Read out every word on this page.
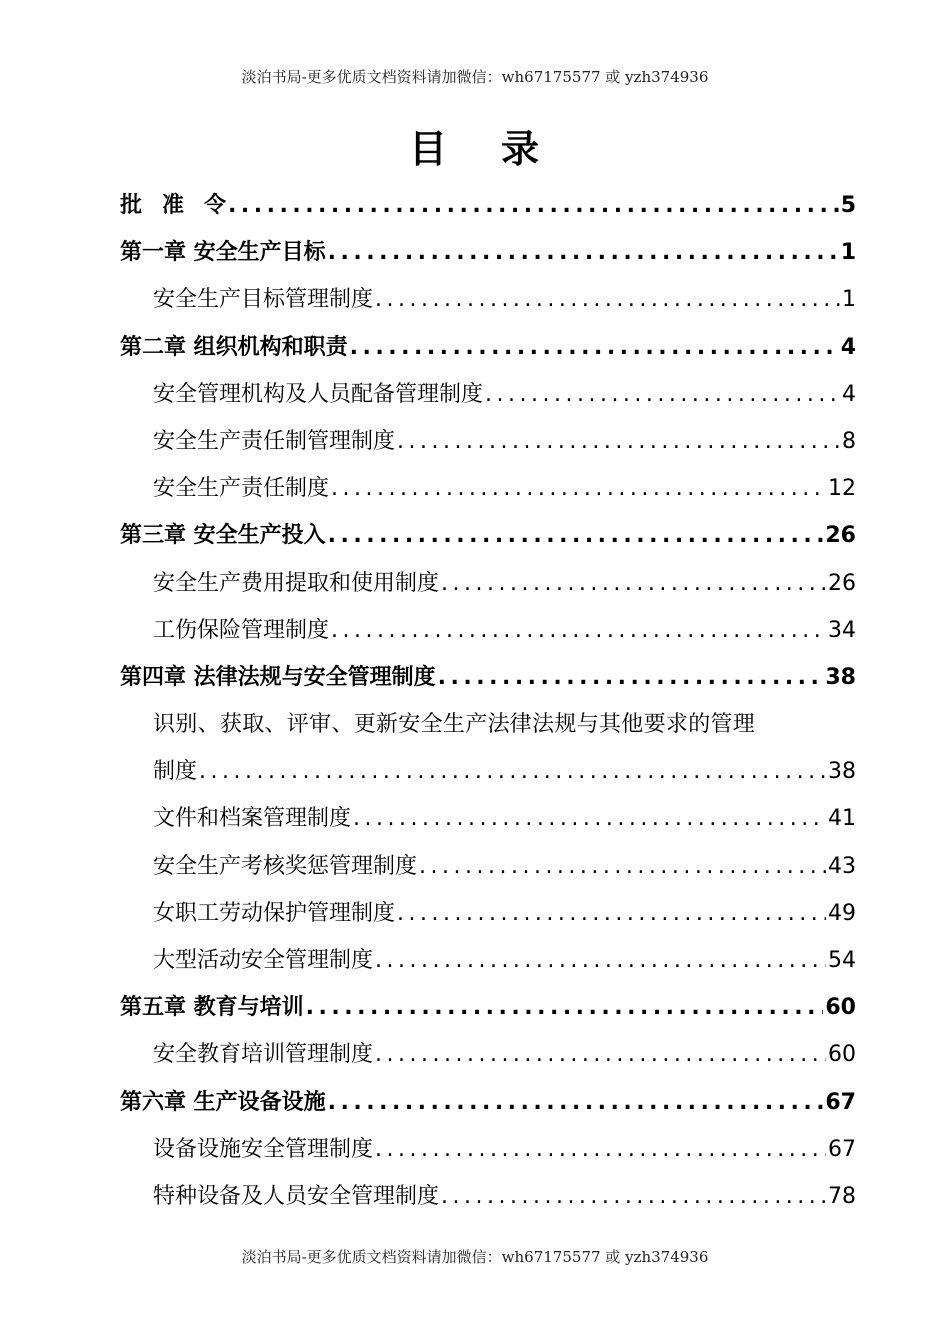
淡泊书局-更多优质文档资料请加微信：wh67175577 或 yzh374936
目 录
批 准 令 .....	5
第一章 安全生产目标 .....	1
安全生产目标管理制度 .....	1
第二章 组织机构和职责 .....	4
安全管理机构及人员配备管理制度 .....	4
安全生产责任制管理制度 .....	8
安全生产责任制度 .....	12
第三章 安全生产投入 .....	26
安全生产费用提取和使用制度 .....	26
工伤保险管理制度 .....	34
第四章 法律法规与安全管理制度 .....	38
识别、获取、评审、更新安全生产法律法规与其他要求的管理
制度 .....	38
文件和档案管理制度 .....	41
安全生产考核奖惩管理制度 .....	43
女职工劳动保护管理制度 .....	49
大型活动安全管理制度 .....	54
第五章 教育与培训 .....	60
安全教育培训管理制度 .....	60
第六章 生产设备设施 .....	67
设备设施安全管理制度 .....	67
特种设备及人员安全管理制度 .....	78
淡泊书局-更多优质文档资料请加微信：wh67175577 或 yzh374936
